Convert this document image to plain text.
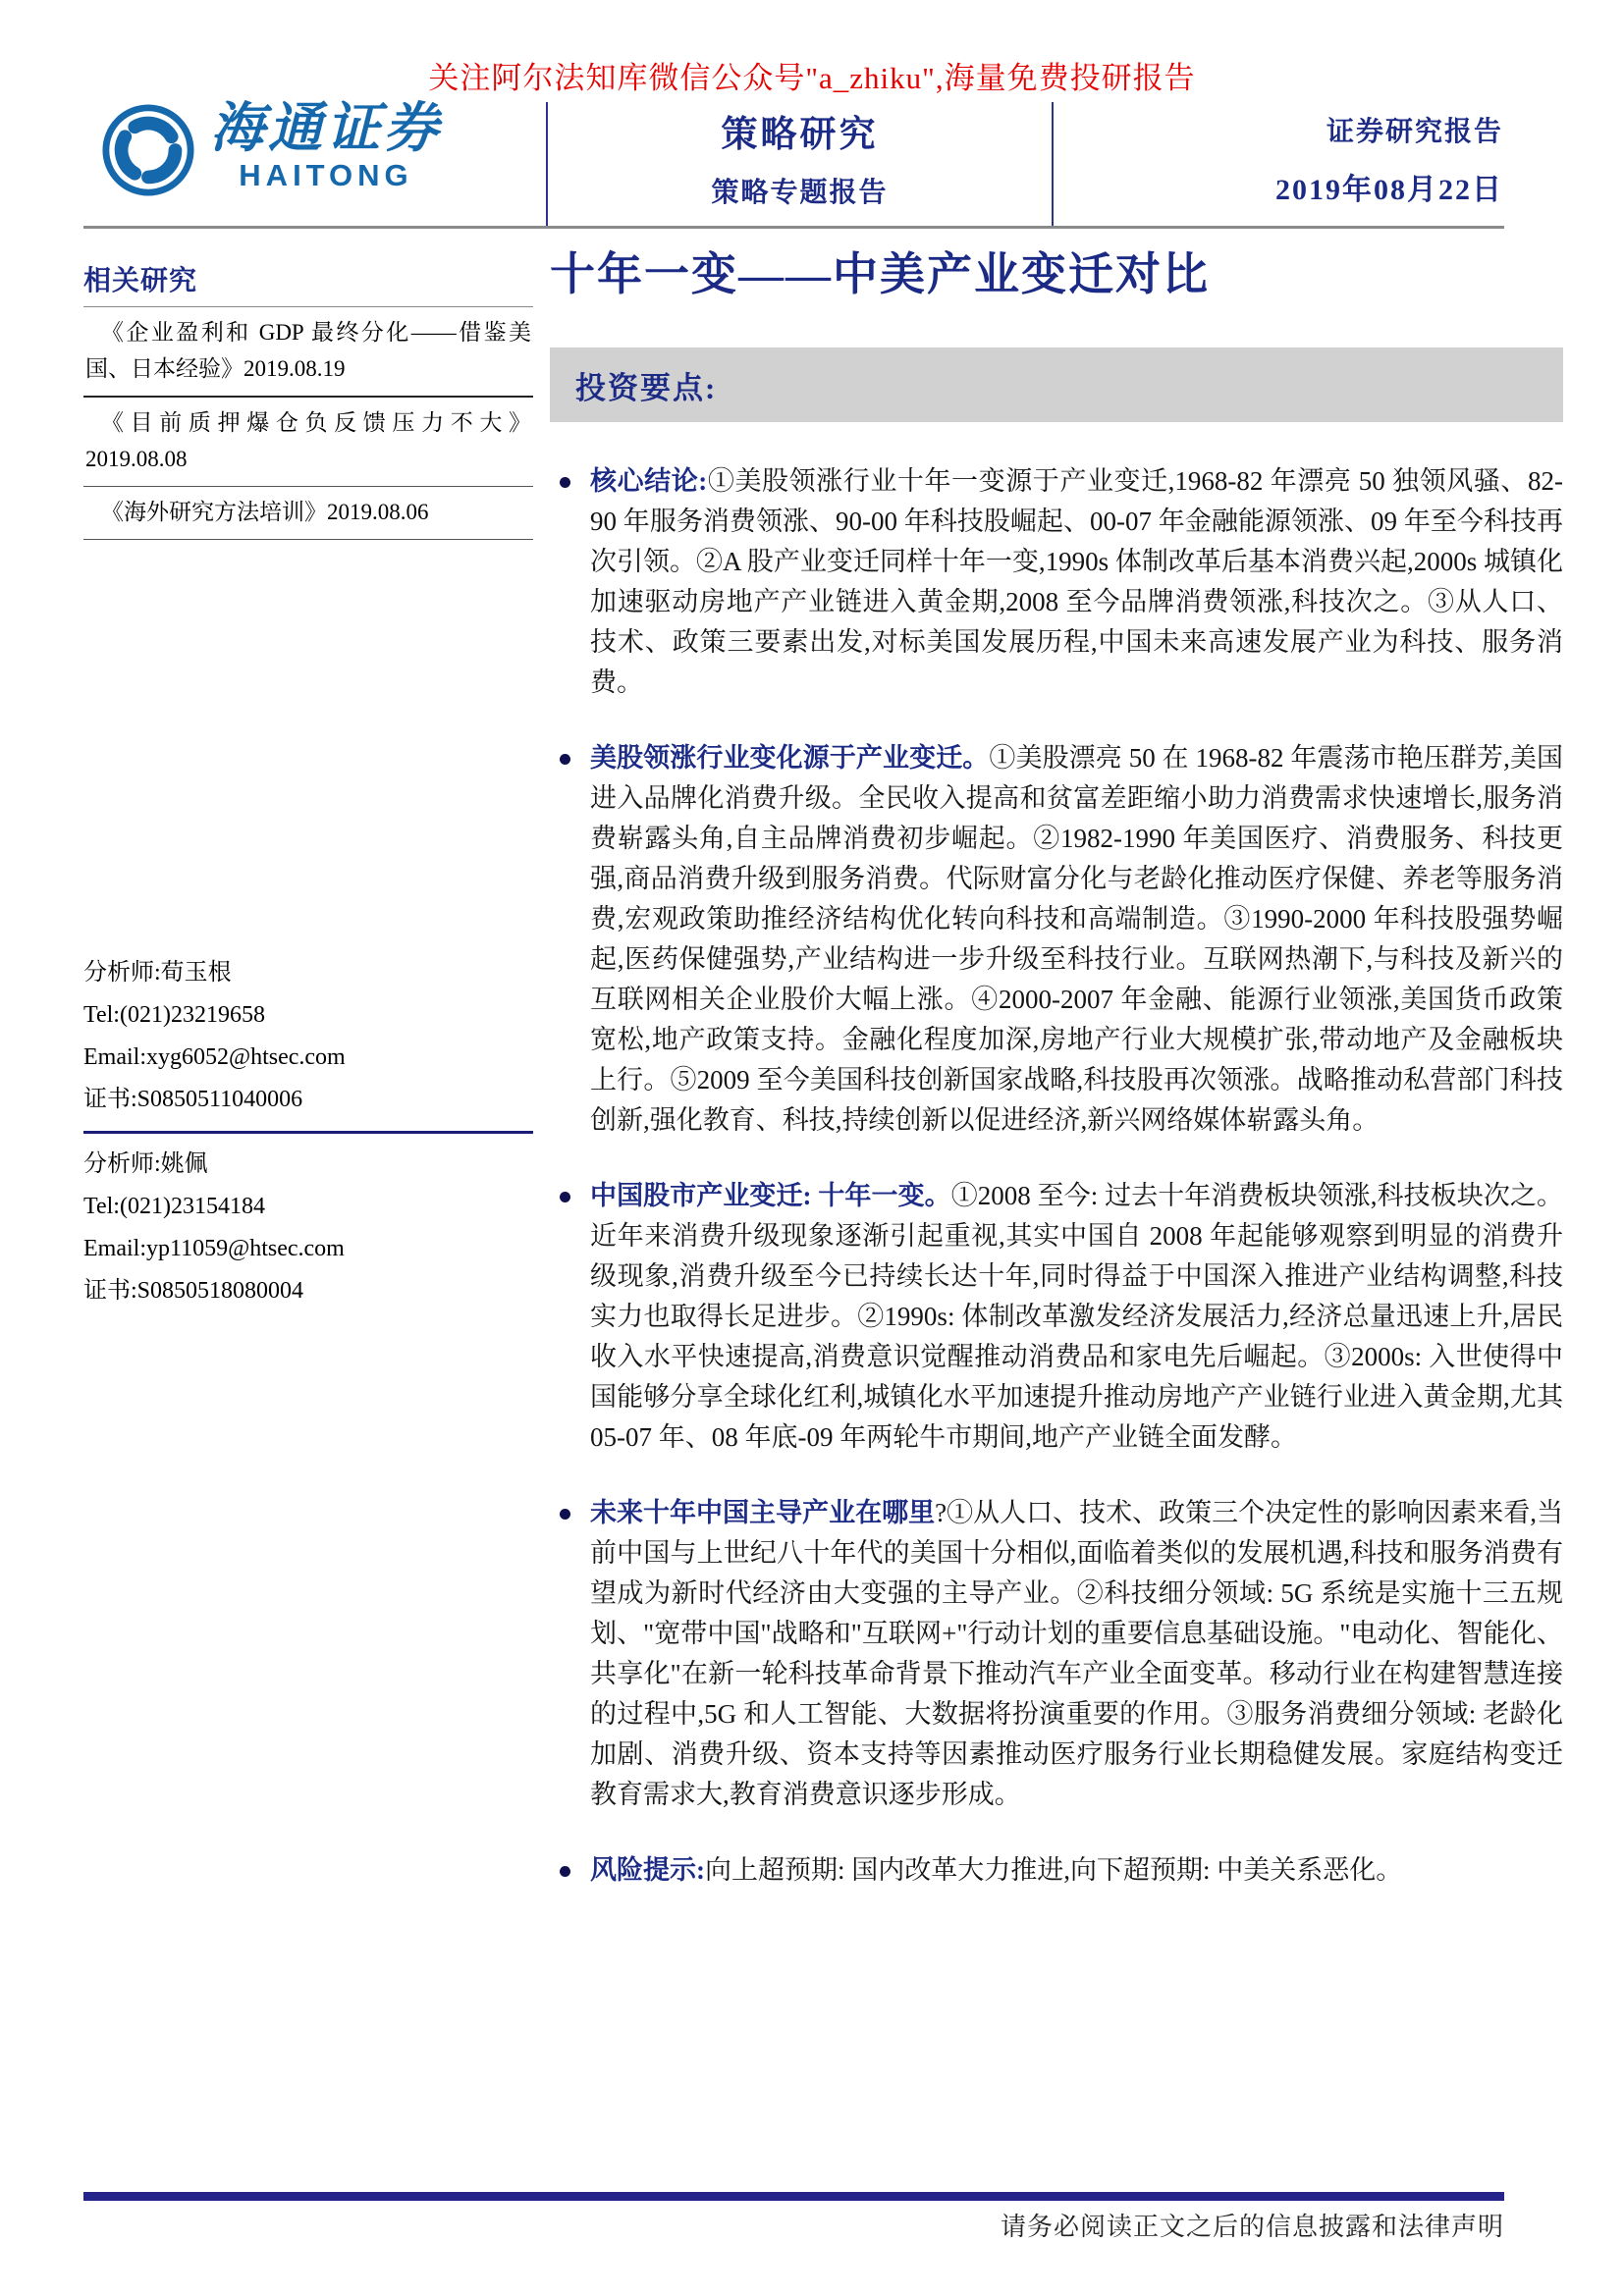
关注阿尔法知库微信公众号"a_zhiku",海量免费投研报告
海通证券
HAITONG
策略研究
策略专题报告
证券研究报告
2019年08月22日
相关研究
《企业盈利和 GDP 最终分化——借鉴美国、日本经验》2019.08.19
《目前质押爆仓负反馈压力不大》2019.08.08
《海外研究方法培训》2019.08.06
分析师:荀玉根
Tel:(021)23219658
Email:xyg6052@htsec.com
证书:S0850511040006
分析师:姚佩
Tel:(021)23154184
Email:yp11059@htsec.com
证书:S0850518080004
十年一变——中美产业变迁对比
投资要点:

核心结论:①美股领涨行业十年一变源于产业变迁,1968-82 年漂亮 50 独领风骚、82-90 年服务消费领涨、90-00 年科技股崛起、00-07 年金融能源领涨、09 年至今科技再次引领。②A 股产业变迁同样十年一变,1990s 体制改革后基本消费兴起,2000s 城镇化加速驱动房地产产业链进入黄金期,2008 至今品牌消费领涨,科技次之。③从人口、技术、政策三要素出发,对标美国发展历程,中国未来高速发展产业为科技、服务消费。

美股领涨行业变化源于产业变迁。①美股漂亮 50 在 1968-82 年震荡市艳压群芳,美国进入品牌化消费升级。全民收入提高和贫富差距缩小助力消费需求快速增长,服务消费崭露头角,自主品牌消费初步崛起。②1982-1990 年美国医疗、消费服务、科技更强,商品消费升级到服务消费。代际财富分化与老龄化推动医疗保健、养老等服务消费,宏观政策助推经济结构优化转向科技和高端制造。③1990-2000 年科技股强势崛起,医药保健强势,产业结构进一步升级至科技行业。互联网热潮下,与科技及新兴的互联网相关企业股价大幅上涨。④2000-2007 年金融、能源行业领涨,美国货币政策宽松,地产政策支持。金融化程度加深,房地产行业大规模扩张,带动地产及金融板块上行。⑤2009 至今美国科技创新国家战略,科技股再次领涨。战略推动私营部门科技创新,强化教育、科技,持续创新以促进经济,新兴网络媒体崭露头角。

中国股市产业变迁: 十年一变。①2008 至今: 过去十年消费板块领涨,科技板块次之。近年来消费升级现象逐渐引起重视,其实中国自 2008 年起能够观察到明显的消费升级现象,消费升级至今已持续长达十年,同时得益于中国深入推进产业结构调整,科技实力也取得长足进步。②1990s: 体制改革激发经济发展活力,经济总量迅速上升,居民收入水平快速提高,消费意识觉醒推动消费品和家电先后崛起。③2000s: 入世使得中国能够分享全球化红利,城镇化水平加速提升推动房地产产业链行业进入黄金期,尤其 05-07 年、08 年底-09 年两轮牛市期间,地产产业链全面发酵。

未来十年中国主导产业在哪里?①从人口、技术、政策三个决定性的影响因素来看,当前中国与上世纪八十年代的美国十分相似,面临着类似的发展机遇,科技和服务消费有望成为新时代经济由大变强的主导产业。②科技细分领域: 5G 系统是实施十三五规划、"宽带中国"战略和"互联网+"行动计划的重要信息基础设施。"电动化、智能化、共享化"在新一轮科技革命背景下推动汽车产业全面变革。移动行业在构建智慧连接的过程中,5G 和人工智能、大数据将扮演重要的作用。③服务消费细分领域: 老龄化加剧、消费升级、资本支持等因素推动医疗服务行业长期稳健发展。家庭结构变迁教育需求大,教育消费意识逐步形成。

风险提示:向上超预期: 国内改革大力推进,向下超预期: 中美关系恶化。

请务必阅读正文之后的信息披露和法律声明
